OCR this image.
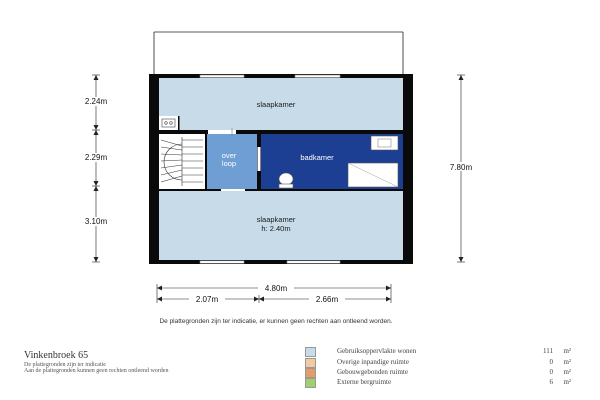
slaapkamer
badkamer
over
loop
slaapkamer
h: 2.40m
2.24m
2.29m
3.10m
7.80m
4.80m
2.07m	2.66m
De plattegronden zijn ter indicatie, er kunnen geen rechten aan ontleend worden.
Vinkenbroek 65
De plattegronden zijn ter indicatie
Aan de plattegronden kunnen geen rechten ontleend worden
Gebruiksoppervlakte wonen	111 m²
Overige inpandige ruimte	0 m²
Gebouwgebonden ruimte	0 m²
Externe bergruimte	6 m²
